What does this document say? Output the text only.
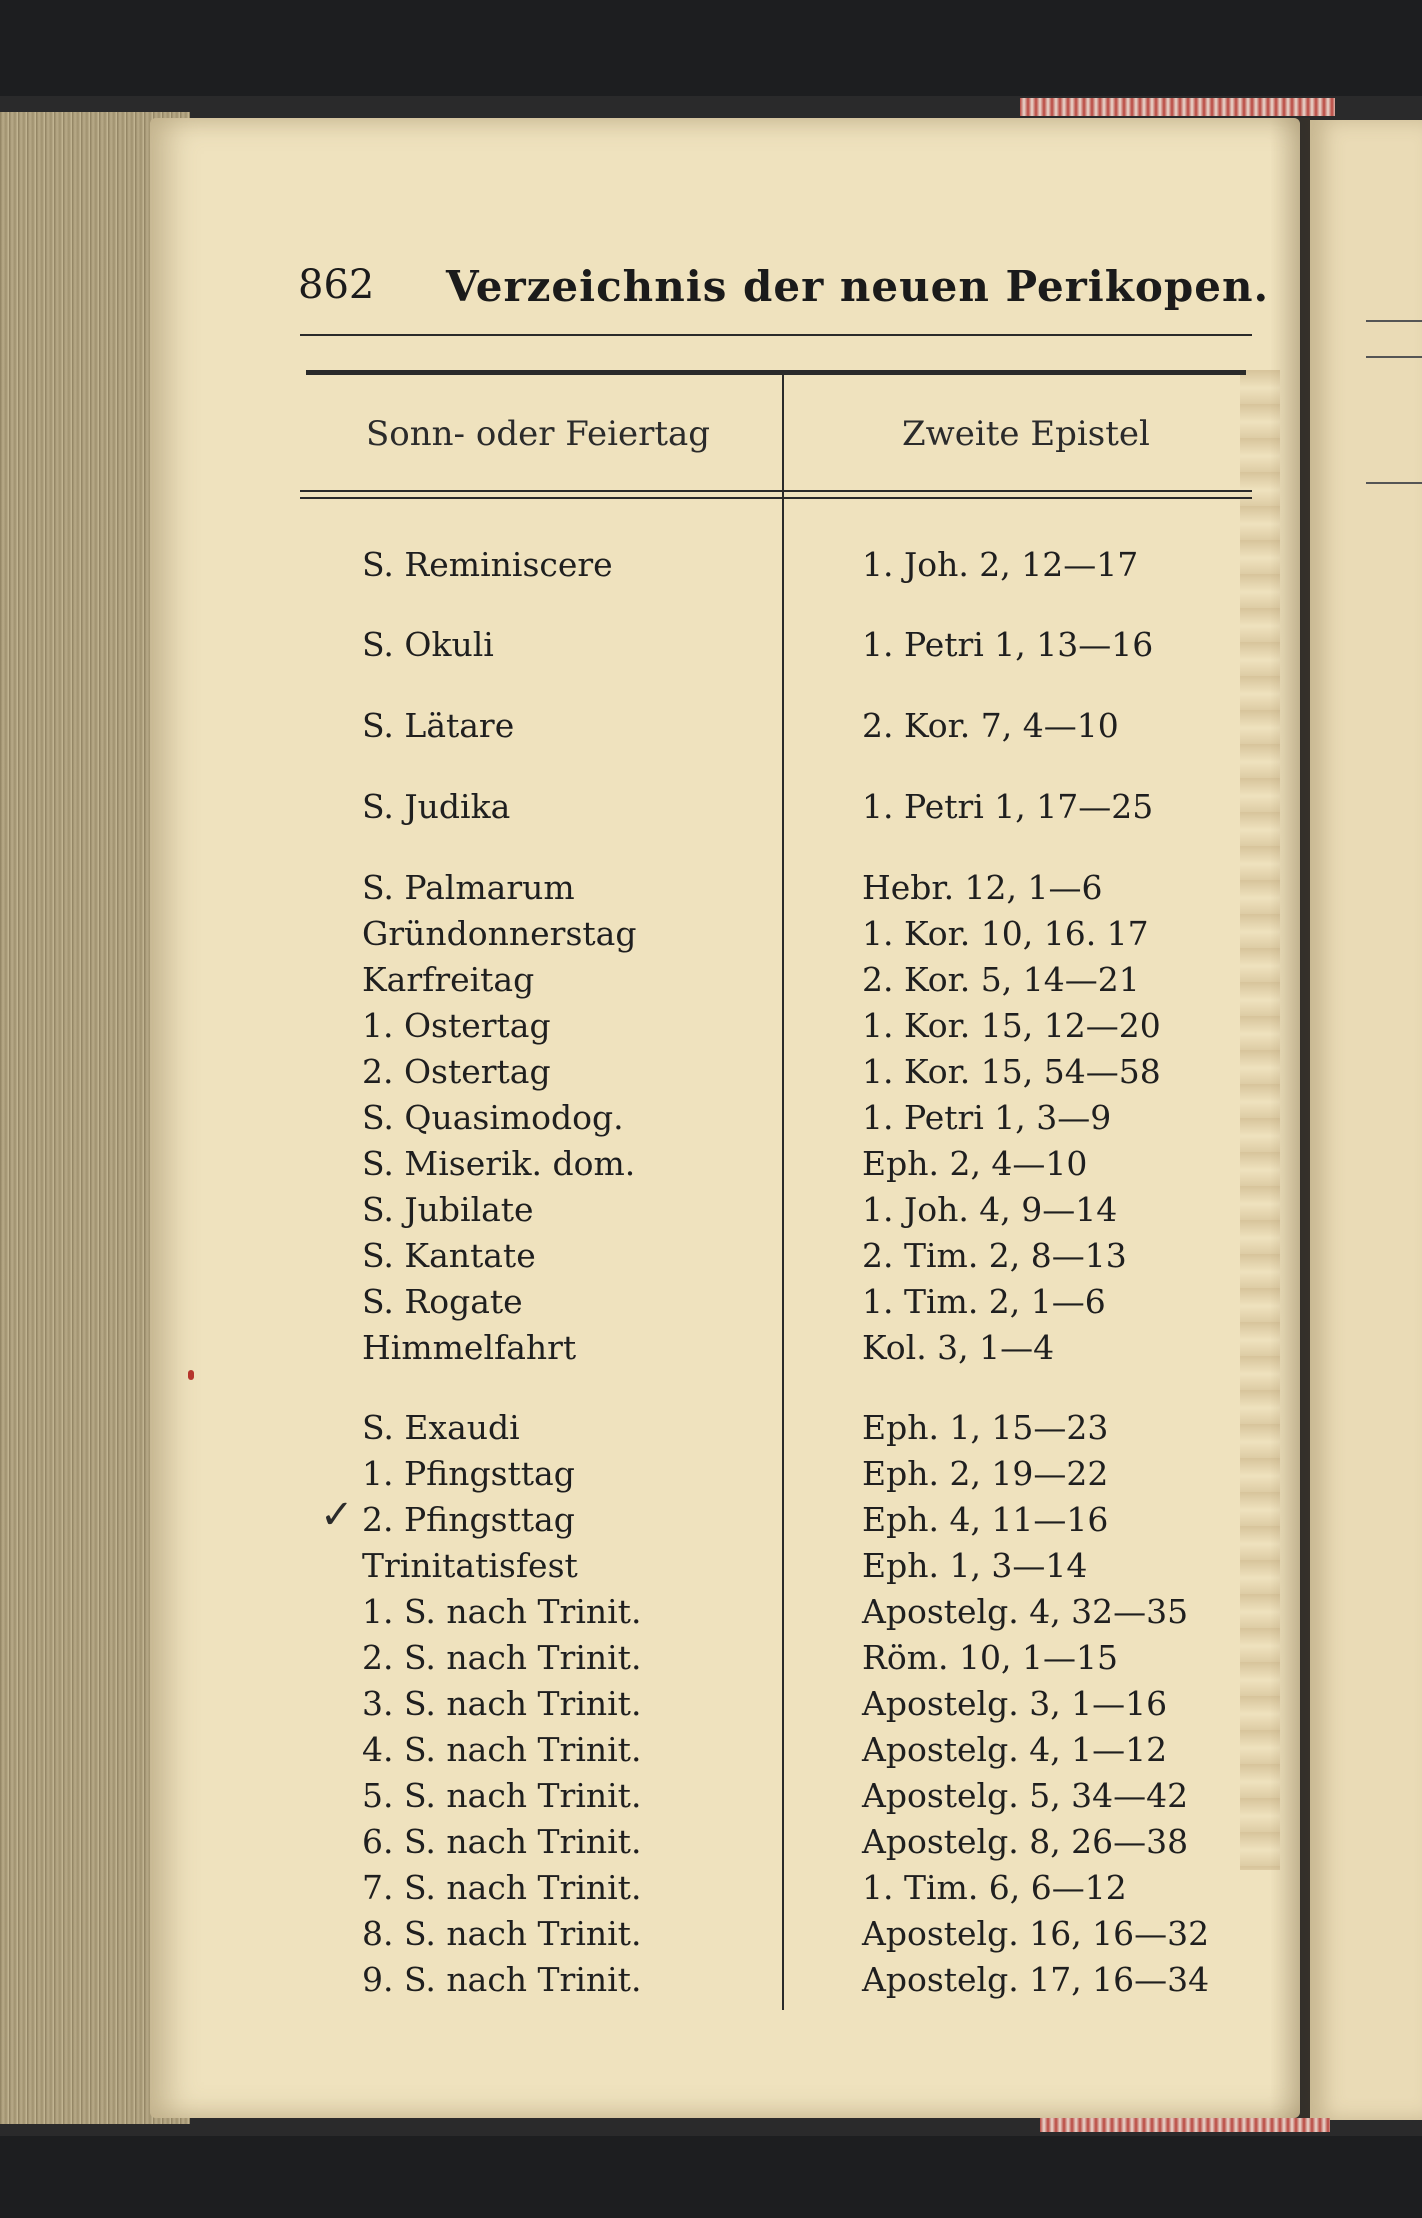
862 Verzeichnis der neuen Perikopen.
Sonn- oder Feiertag	Zweite Epistel
S. Reminiscere	1. Joh. 2, 12—17
S. Okuli	1. Petri 1, 13—16
S. Lätare	2. Kor. 7, 4—10
S. Judika	1. Petri 1, 17—25
S. Palmarum	Hebr. 12, 1—6
Gründonnerstag	1. Kor. 10, 16. 17
Karfreitag	2. Kor. 5, 14—21
1. Ostertag	1. Kor. 15, 12—20
2. Ostertag	1. Kor. 15, 54—58
S. Quasimodog.	1. Petri 1, 3—9
S. Miserik. dom.	Eph. 2, 4—10
S. Jubilate	1. Joh. 4, 9—14
S. Kantate	2. Tim. 2, 8—13
S. Rogate	1. Tim. 2, 1—6
Himmelfahrt	Kol. 3, 1—4
S. Exaudi	Eph. 1, 15—23
1. Pfingsttag	Eph. 2, 19—22
2. Pfingsttag	Eph. 4, 11—16
Trinitatisfest	Eph. 1, 3—14
1. S. nach Trinit.	Apostelg. 4, 32—35
2. S. nach Trinit.	Röm. 10, 1—15
3. S. nach Trinit.	Apostelg. 3, 1—16
4. S. nach Trinit.	Apostelg. 4, 1—12
5. S. nach Trinit.	Apostelg. 5, 34—42
6. S. nach Trinit.	Apostelg. 8, 26—38
7. S. nach Trinit.	1. Tim. 6, 6—12
8. S. nach Trinit.	Apostelg. 16, 16—32
9. S. nach Trinit.	Apostelg. 17, 16—34
✓
